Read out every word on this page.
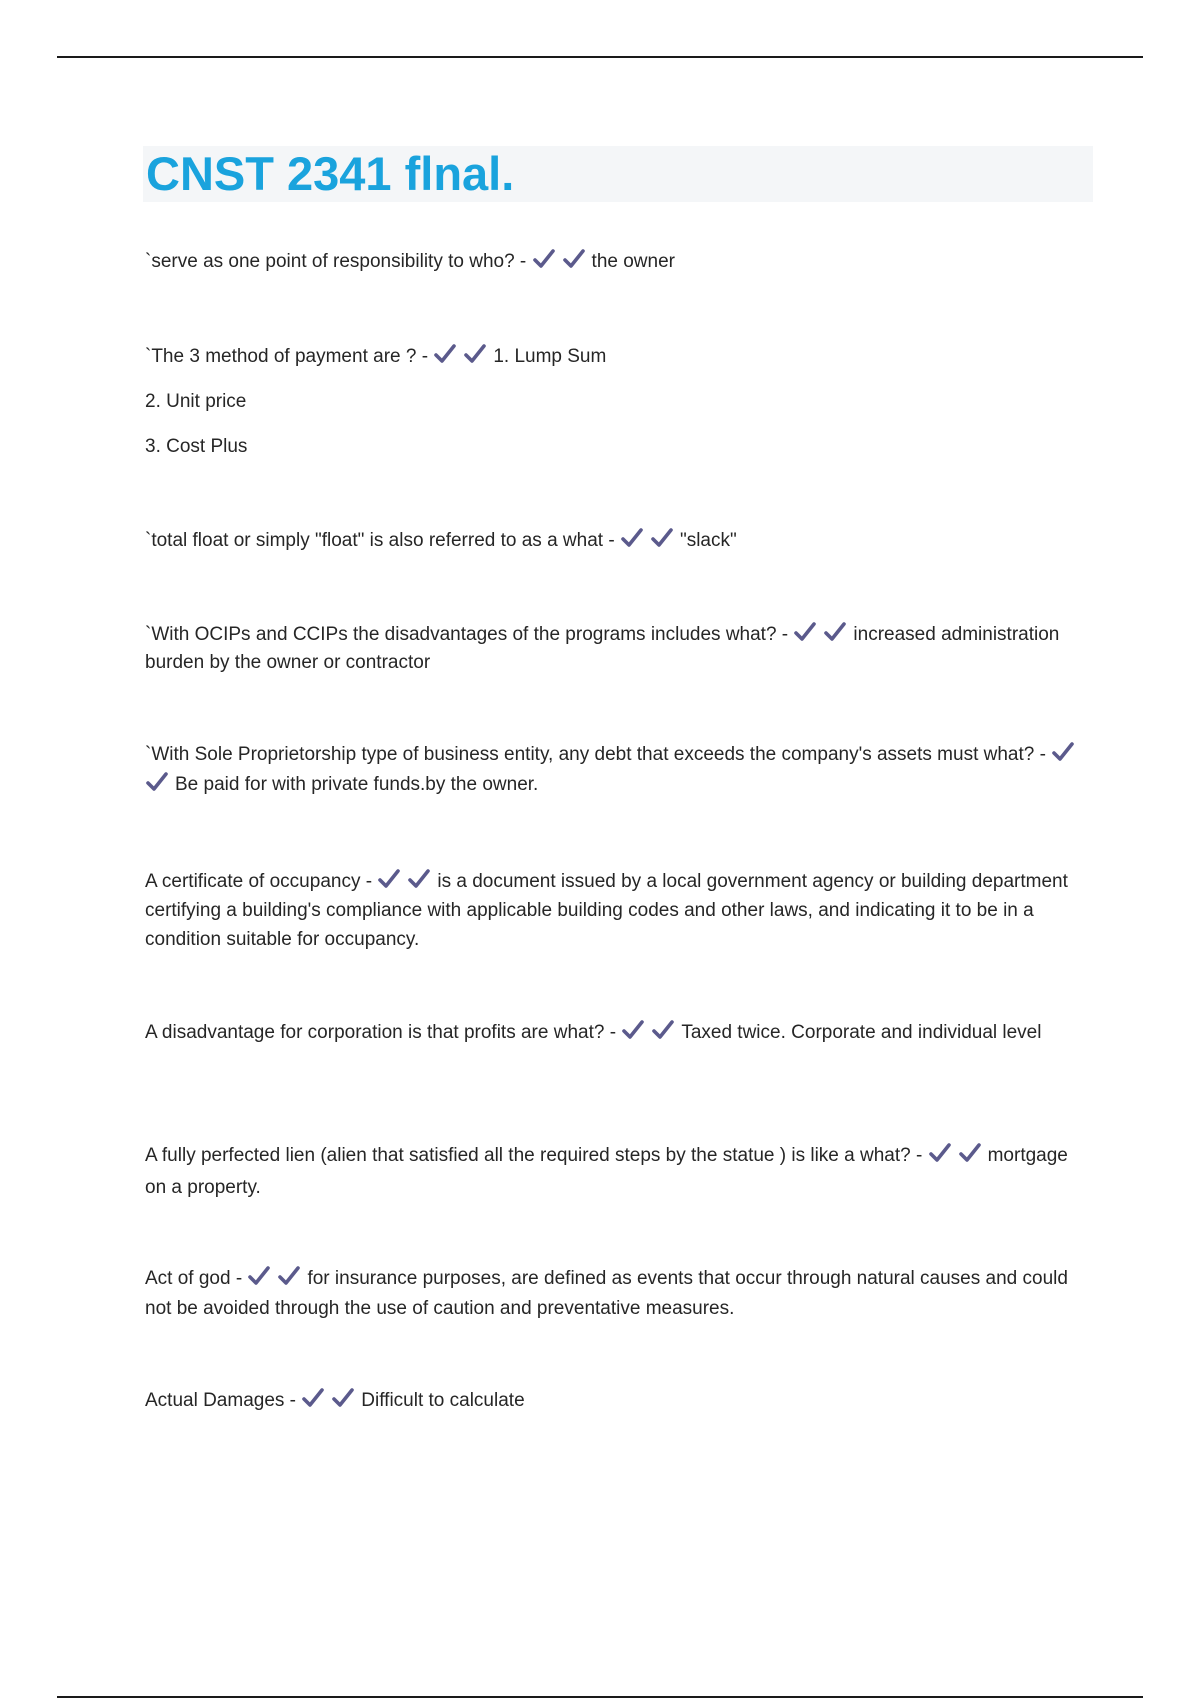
CNST 2341 flnal.

`serve as one point of responsibility to who? -	the owner

`The 3 method of payment are ? -	1. Lump Sum

2. Unit price

3. Cost Plus

`total float or simply "float" is also referred to as a what -	"slack"

`With OCIPs and CCIPs the disadvantages of the programs includes what? -	increased administration burden by the owner or contractor

`With Sole Proprietorship type of business entity, any debt that exceeds the company's assets must what? -
Be paid for with private funds.by the owner.

A certificate of occupancy -	is a document issued by a local government agency or building department certifying a building's compliance with applicable building codes and other laws, and indicating it to be in a condition suitable for occupancy.

A disadvantage for corporation is that profits are what? -	Taxed twice. Corporate and individual level

A fully perfected lien (alien that satisfied all the required steps by the statue ) is like a what? -	mortgage on a property.

Act of god -	for insurance purposes, are defined as events that occur through natural causes and could not be avoided through the use of caution and preventative measures.

Actual Damages -	Difficult to calculate
